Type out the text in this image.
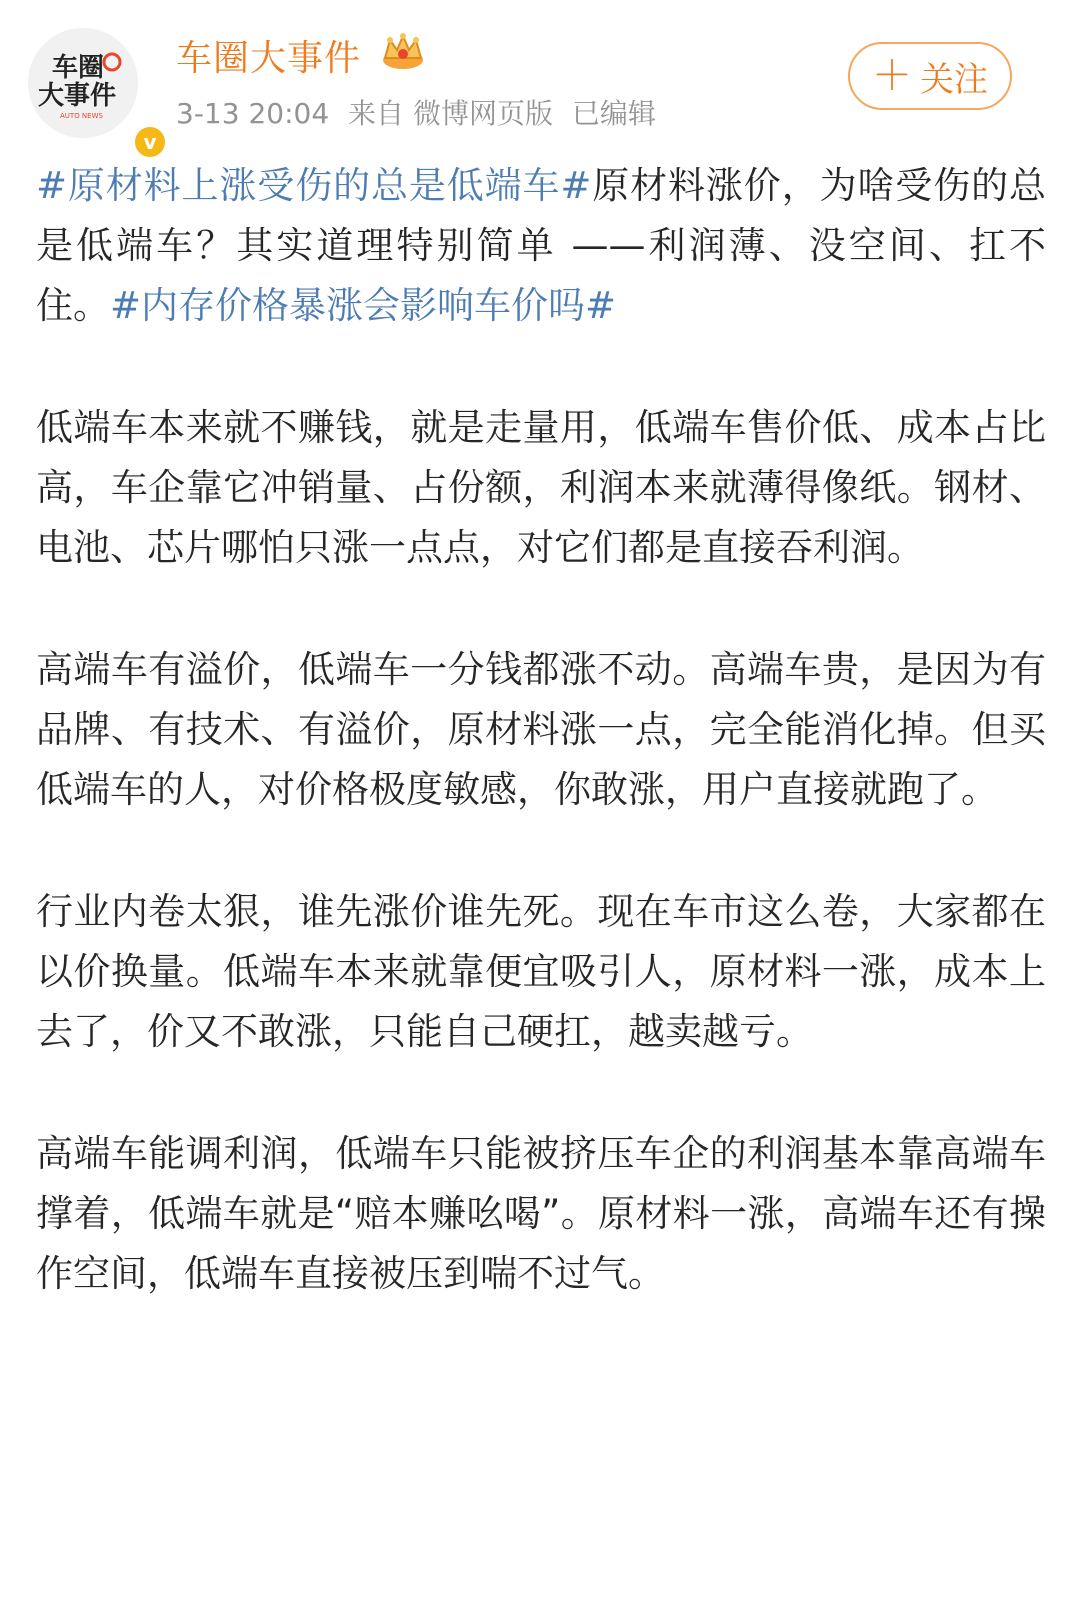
车圈
大事件
AUTO NEWS
v
车圈大事件
3-13 20:04 来自 微博网页版 已编辑
＋ 关注

#原材料上涨受伤的总是低端车#原材料涨价，为啥受伤的总是低端车？其实道理特别简单 ——利润薄、没空间、扛不住。#内存价格暴涨会影响车价吗#

低端车本来就不赚钱，就是走量用，低端车售价低、成本占比高，车企靠它冲销量、占份额，利润本来就薄得像纸。钢材、电池、芯片哪怕只涨一点点，对它们都是直接吞利润。

高端车有溢价，低端车一分钱都涨不动。高端车贵，是因为有品牌、有技术、有溢价，原材料涨一点，完全能消化掉。但买低端车的人，对价格极度敏感，你敢涨，用户直接就跑了。

行业内卷太狠，谁先涨价谁先死。现在车市这么卷，大家都在以价换量。低端车本来就靠便宜吸引人，原材料一涨，成本上去了，价又不敢涨，只能自己硬扛，越卖越亏。

高端车能调利润，低端车只能被挤压车企的利润基本靠高端车撑着，低端车就是“赔本赚吆喝”。原材料一涨，高端车还有操作空间，低端车直接被压到喘不过气。
